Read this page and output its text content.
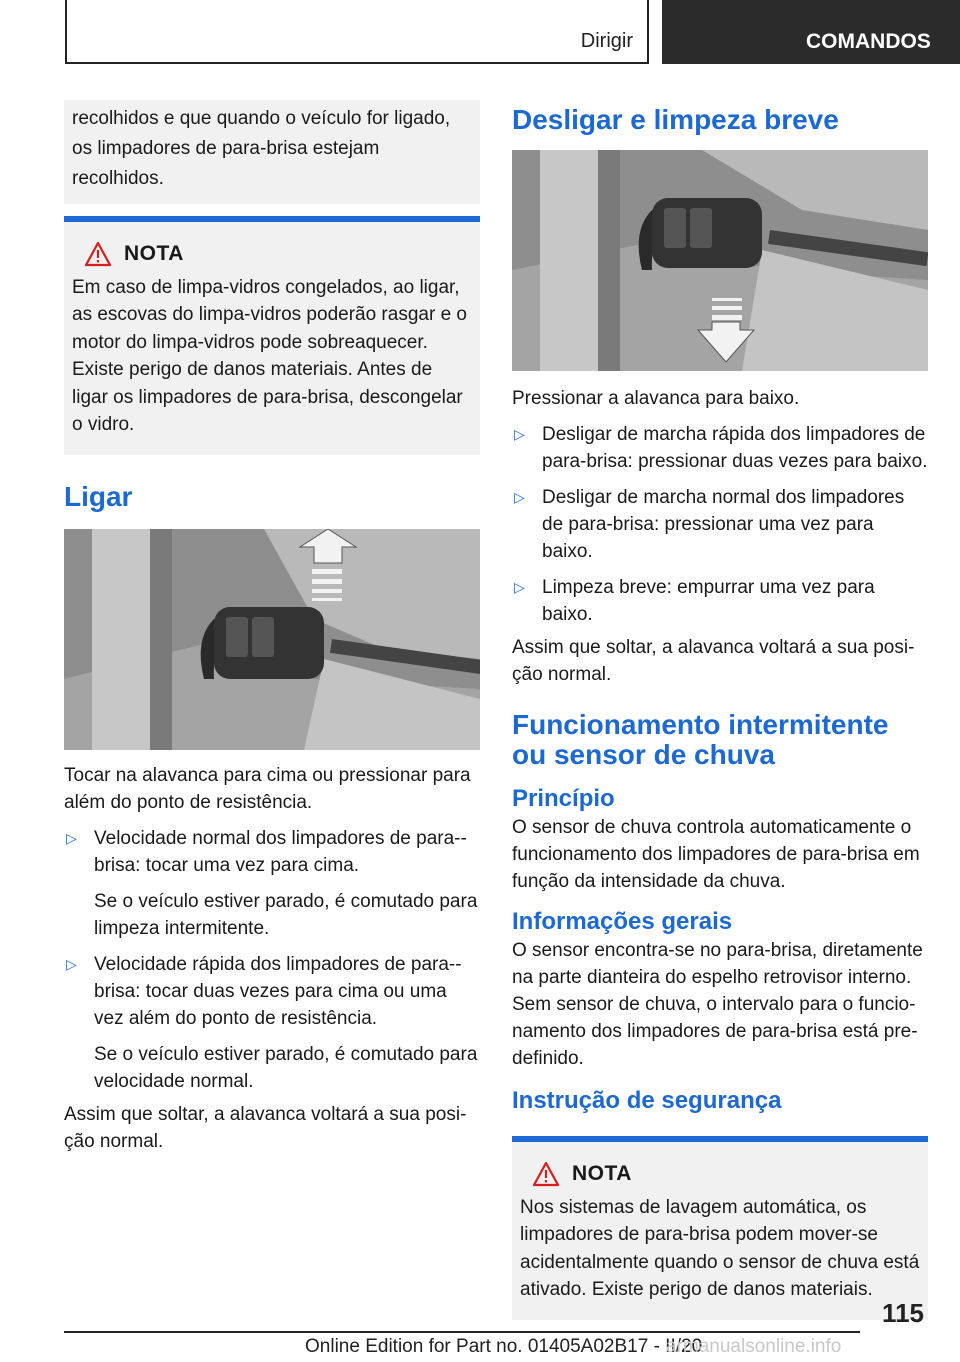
Dirigir	COMANDOS
recolhidos e que quando o veículo for ligado, os limpadores de para-brisa estejam recolhidos.
NOTA
Em caso de limpa-vidros congelados, ao ligar, as escovas do limpa-vidros poderão rasgar e o motor do limpa-vidros pode sobreaquecer. Existe perigo de danos materiais. Antes de ligar os limpadores de para-brisa, descongelar o vidro.
Ligar

Tocar na alavanca para cima ou pressionar para além do ponto de resistência.

▷ Velocidade normal dos limpadores de para-brisa: tocar uma vez para cima.

Se o veículo estiver parado, é comutado para limpeza intermitente.

▷ Velocidade rápida dos limpadores de para-brisa: tocar duas vezes para cima ou uma vez além do ponto de resistência.

Se o veículo estiver parado, é comutado para velocidade normal.

Assim que soltar, a alavanca voltará a sua posição normal.

Desligar e limpeza breve

Pressionar a alavanca para baixo.

▷ Desligar de marcha rápida dos limpadores de para-brisa: pressionar duas vezes para baixo.

▷ Desligar de marcha normal dos limpadores de para-brisa: pressionar uma vez para baixo.

▷ Limpeza breve: empurrar uma vez para baixo.

Assim que soltar, a alavanca voltará a sua posição normal.

Funcionamento intermitente ou sensor de chuva
Princípio

O sensor de chuva controla automaticamente o funcionamento dos limpadores de para-brisa em função da intensidade da chuva.

Informações gerais

O sensor encontra-se no para-brisa, diretamente na parte dianteira do espelho retrovisor interno. Sem sensor de chuva, o intervalo para o funcionamento dos limpadores de para-brisa está predefinido.

Instrução de segurança
NOTA
Nos sistemas de lavagem automática, os limpadores de para-brisa podem mover-se acidentalmente quando o sensor de chuva está ativado. Existe perigo de danos materiais.
115
Online Edition for Part no. 01405A02B17 - II/20
armanualsonline.info
